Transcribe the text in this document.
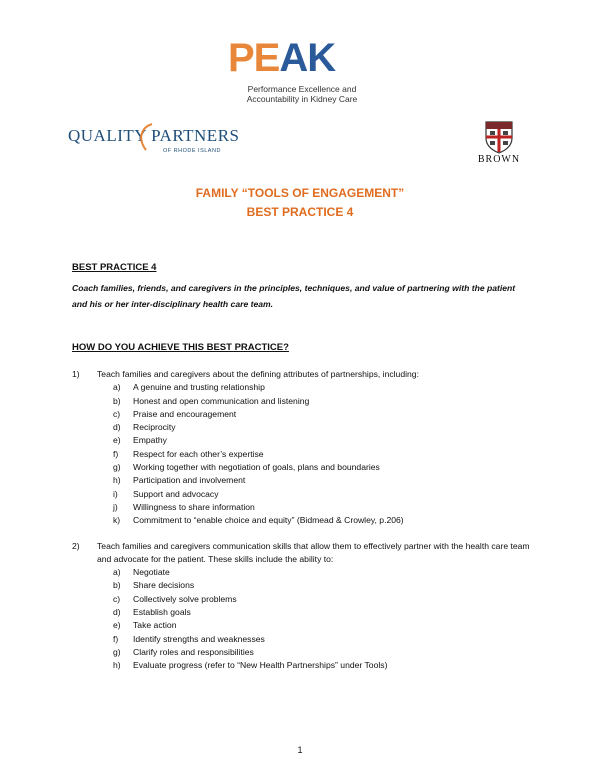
PEAK
Performance Excellence and
Accountability in Kidney Care
QUALITY PARTNERS
OF RHODE ISLAND
BROWN
FAMILY “TOOLS OF ENGAGEMENT”
BEST PRACTICE 4
BEST PRACTICE 4
Coach families, friends, and caregivers in the principles, techniques, and value of partnering with the patient and his or her inter-disciplinary health care team.
HOW DO YOU ACHIEVE THIS BEST PRACTICE?
1) Teach families and caregivers about the defining attributes of partnerships, including:
a) A genuine and trusting relationship
b) Honest and open communication and listening
c) Praise and encouragement
d) Reciprocity
e) Empathy
f) Respect for each other’s expertise
g) Working together with negotiation of goals, plans and boundaries
h) Participation and involvement
i) Support and advocacy
j) Willingness to share information
k) Commitment to “enable choice and equity” (Bidmead & Crowley, p.206)
2) Teach families and caregivers communication skills that allow them to effectively partner with the health care team and advocate for the patient. These skills include the ability to:
a) Negotiate
b) Share decisions
c) Collectively solve problems
d) Establish goals
e) Take action
f) Identify strengths and weaknesses
g) Clarify roles and responsibilities
h) Evaluate progress (refer to “New Health Partnerships” under Tools)
1
